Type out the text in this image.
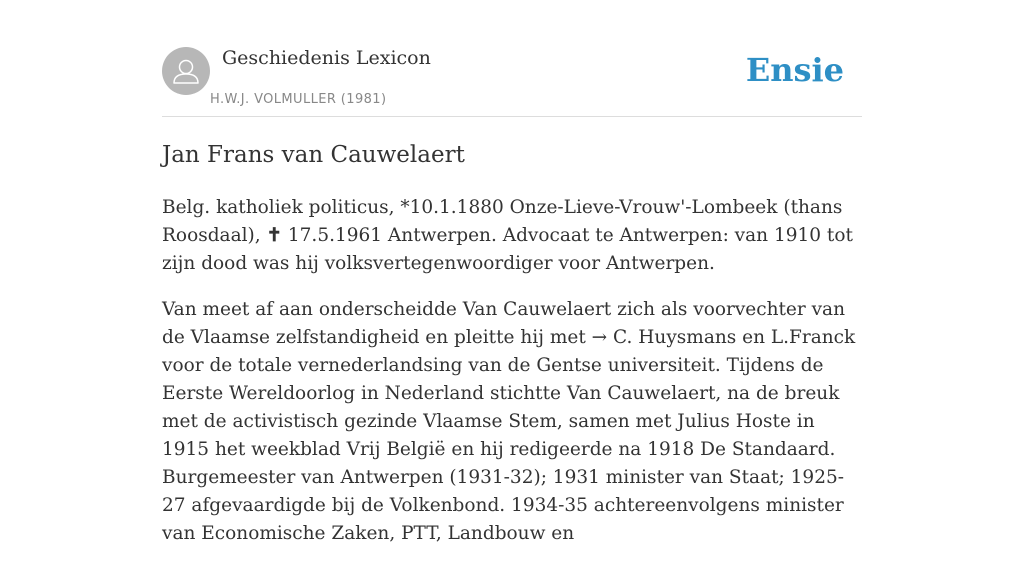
Geschiedenis Lexicon
H.W.J. VOLMULLER (1981)
Ensie
Jan Frans van Cauwelaert

Belg. katholiek politicus, *10.1.1880 Onze-Lieve-Vrouw'-Lombeek (thans Roosdaal), ✝ 17.5.1961 Antwerpen. Advocaat te Antwerpen: van 1910 tot zijn dood was hij volksvertegenwoordiger voor Antwerpen.

Van meet af aan onderscheidde Van Cauwelaert zich als voorvechter van de Vlaamse zelfstandigheid en pleitte hij met → C. Huysmans en L.Franck voor de totale vernederlandsing van de Gentse universiteit. Tijdens de Eerste Wereldoorlog in Nederland stichtte Van Cauwelaert, na de breuk met de activistisch gezinde Vlaamse Stem, samen met Julius Hoste in 1915 het weekblad Vrij België en hij redigeerde na 1918 De Standaard. Burgemeester van Antwerpen (1931-32); 1931 minister van Staat; 1925-27 afgevaardigde bij de Volkenbond. 1934-35 achtereenvolgens minister van Economische Zaken, PTT, Landbouw en
